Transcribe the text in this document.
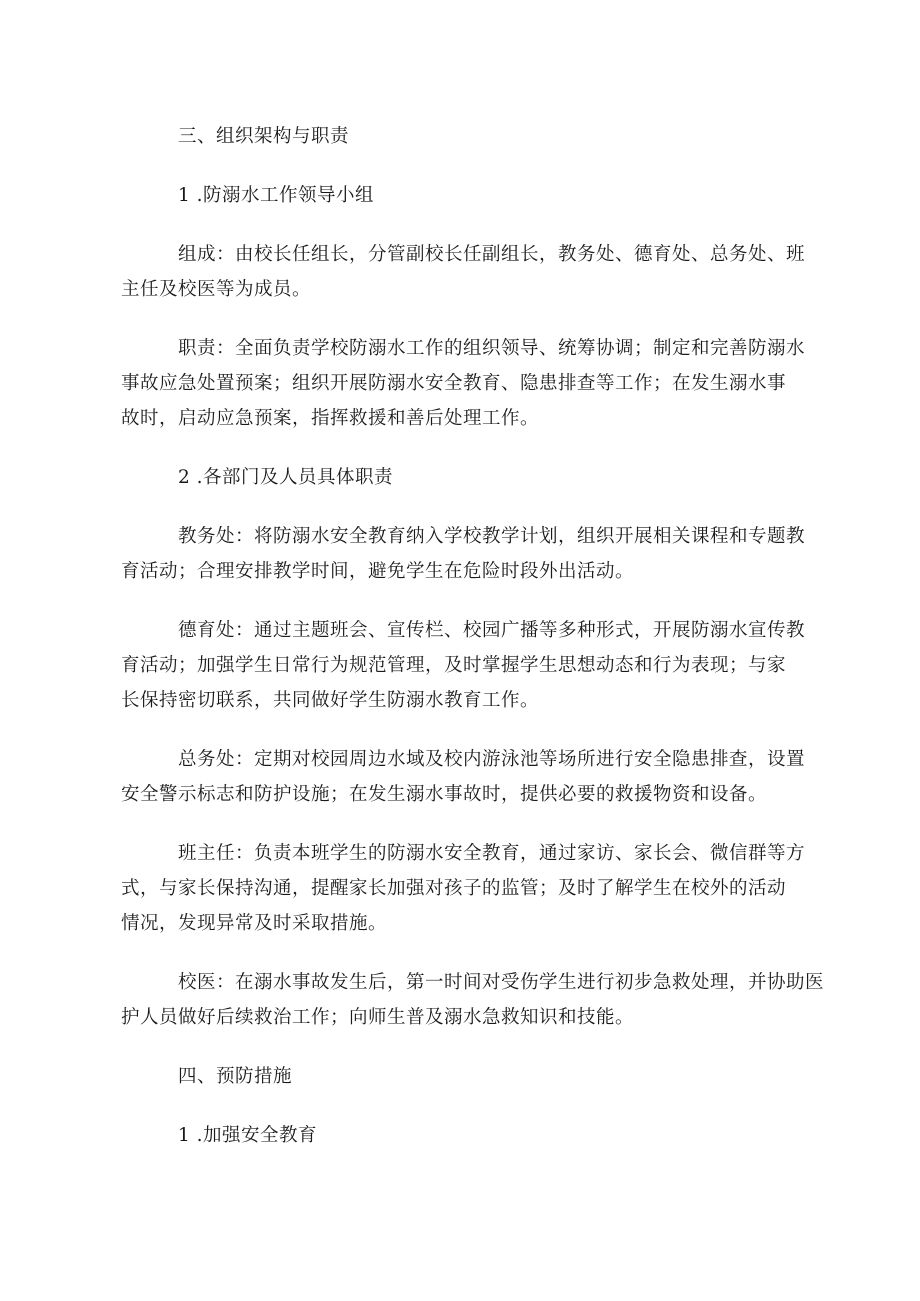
三、组织架构与职责
1 .防溺水工作领导小组
组成：由校长任组长，分管副校长任副组长，教务处、德育处、总务处、班
主任及校医等为成员。
职责：全面负责学校防溺水工作的组织领导、统筹协调；制定和完善防溺水
事故应急处置预案；组织开展防溺水安全教育、隐患排查等工作；在发生溺水事
故时，启动应急预案，指挥救援和善后处理工作。
2 .各部门及人员具体职责
教务处：将防溺水安全教育纳入学校教学计划，组织开展相关课程和专题教
育活动；合理安排教学时间，避免学生在危险时段外出活动。
德育处：通过主题班会、宣传栏、校园广播等多种形式，开展防溺水宣传教
育活动；加强学生日常行为规范管理，及时掌握学生思想动态和行为表现；与家
长保持密切联系，共同做好学生防溺水教育工作。
总务处：定期对校园周边水域及校内游泳池等场所进行安全隐患排查，设置
安全警示标志和防护设施；在发生溺水事故时，提供必要的救援物资和设备。
班主任：负责本班学生的防溺水安全教育，通过家访、家长会、微信群等方
式，与家长保持沟通，提醒家长加强对孩子的监管；及时了解学生在校外的活动
情况，发现异常及时采取措施。
校医：在溺水事故发生后，第一时间对受伤学生进行初步急救处理，并协助医
护人员做好后续救治工作；向师生普及溺水急救知识和技能。
四、预防措施
1 .加强安全教育
